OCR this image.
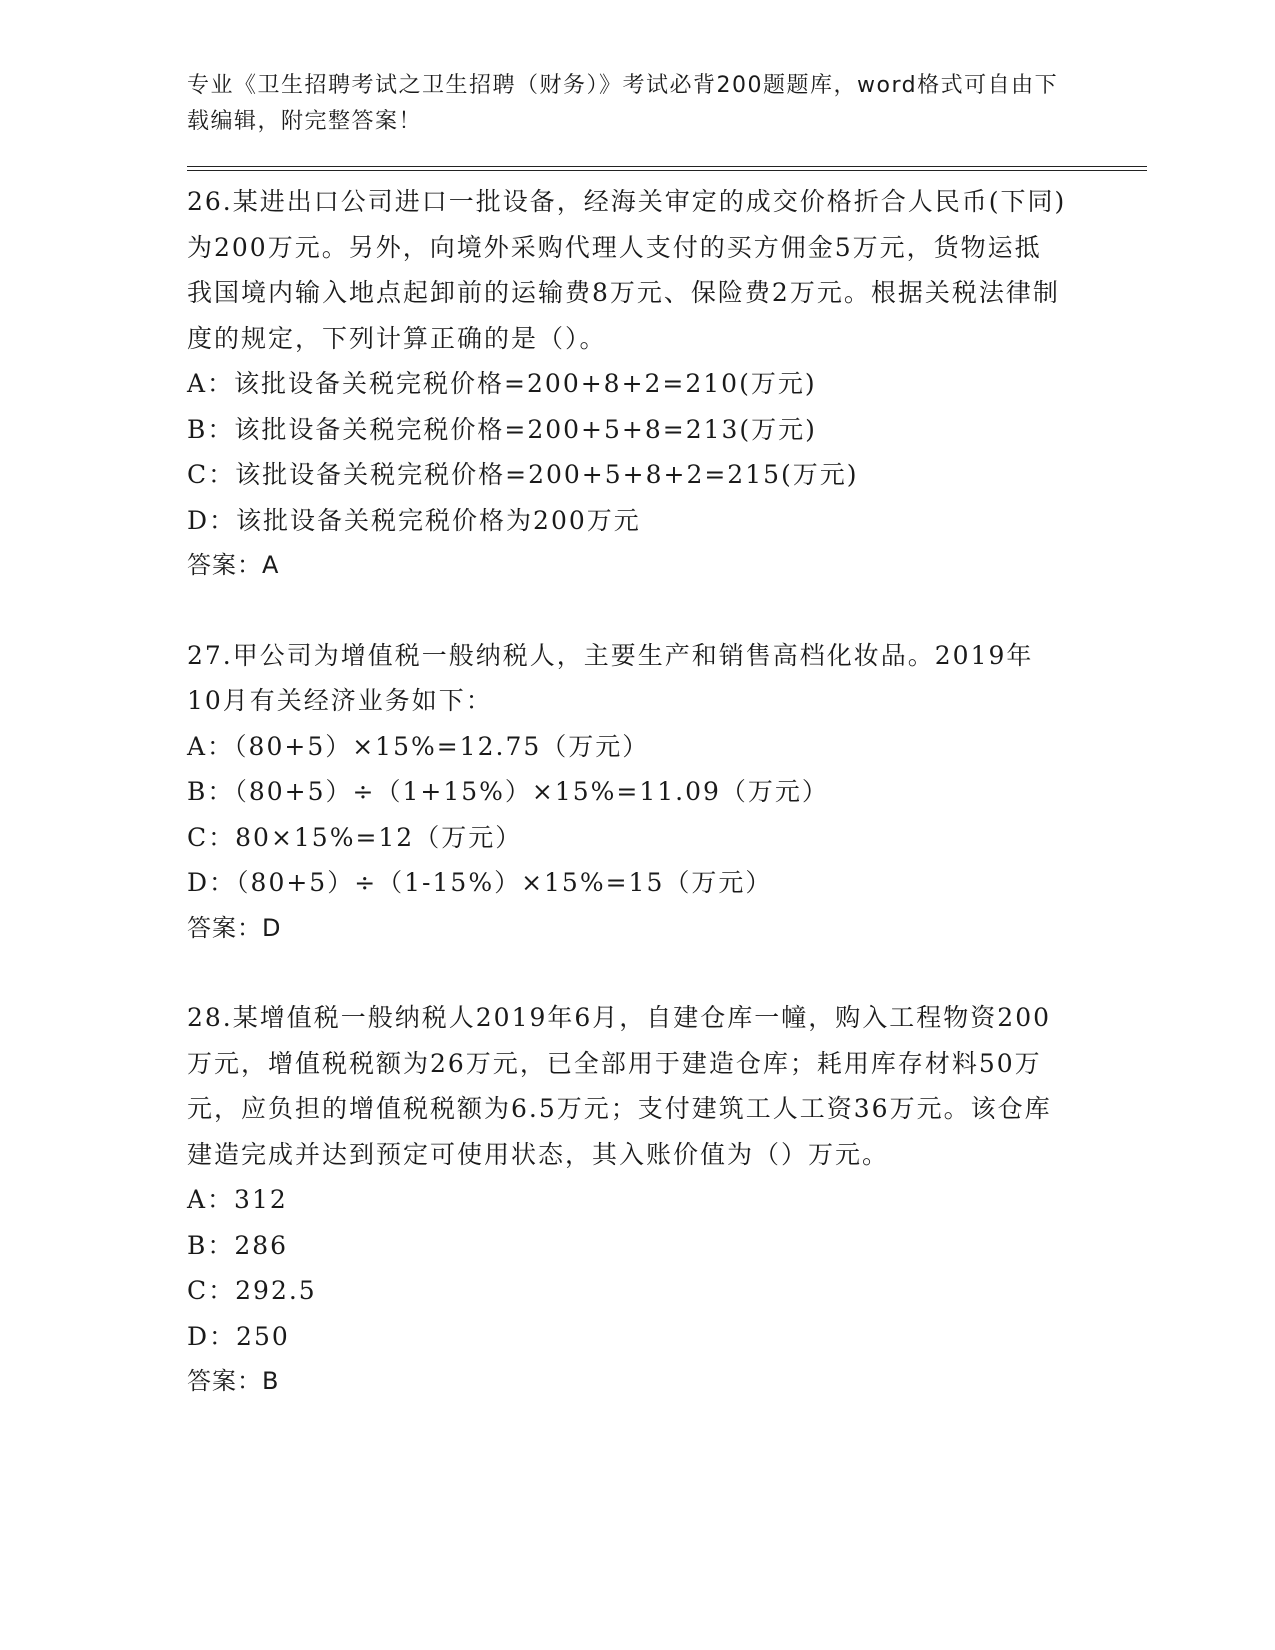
专业《卫生招聘考试之卫生招聘（财务）》考试必背200题题库，word格式可自由下载编辑，附完整答案！

26.某进出口公司进口一批设备，经海关审定的成交价格折合人民币(下同)为200万元。另外，向境外采购代理人支付的买方佣金5万元，货物运抵我国境内输入地点起卸前的运输费8万元、保险费2万元。根据关税法律制度的规定，下列计算正确的是（）。

A：该批设备关税完税价格=200+8+2=210(万元)

B：该批设备关税完税价格=200+5+8=213(万元)

C：该批设备关税完税价格=200+5+8+2=215(万元)

D：该批设备关税完税价格为200万元

答案：A

27.甲公司为增值税一般纳税人，主要生产和销售高档化妆品。2019年10月有关经济业务如下：

A：（80+5）×15%=12.75（万元）

B：（80+5）÷（1+15%）×15%=11.09（万元）

C：80×15%=12（万元）

D：（80+5）÷（1-15%）×15%=15（万元）

答案：D

28.某增值税一般纳税人2019年6月，自建仓库一幢，购入工程物资200万元，增值税税额为26万元，已全部用于建造仓库；耗用库存材料50万元，应负担的增值税税额为6.5万元；支付建筑工人工资36万元。该仓库建造完成并达到预定可使用状态，其入账价值为（）万元。

A：312

B：286

C：292.5

D：250

答案：B
